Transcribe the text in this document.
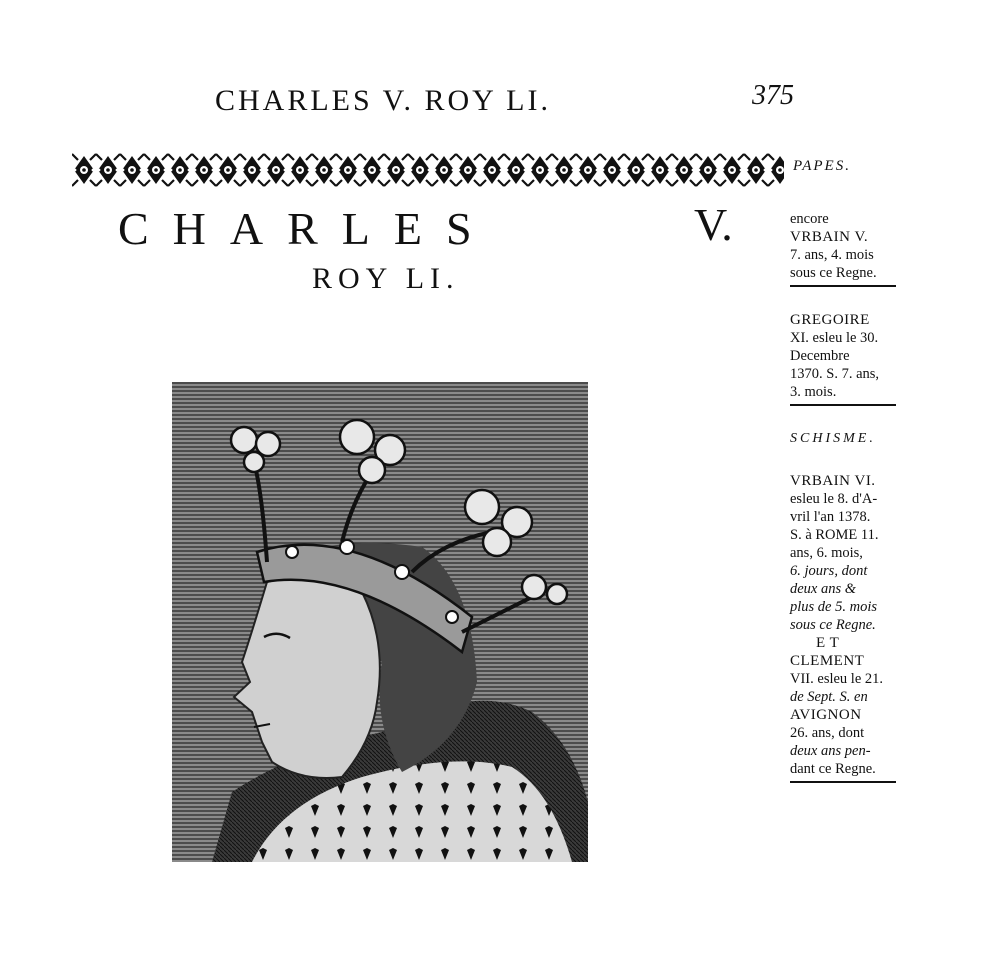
CHARLES V. ROY LI.	375
PAPES.
CHARLES	V.
ROY LI.
encore
VRBAIN V.
7. ans, 4. mois
sous ce Regne.
GREGOIRE
XI. esleu le 30.
Decembre
1370. S. 7. ans,
3. mois.
SCHISME.
VRBAIN VI.
esleu le 8. d'A-
vril l'an 1378.
S. à ROME 11.
ans, 6. mois,
6. jours, dont
deux ans &
plus de 5. mois
sous ce Regne.
E T
CLEMENT
VII. esleu le 21.
de Sept. S. en
AVIGNON
26. ans, dont
deux ans pen-
dant ce Regne.
